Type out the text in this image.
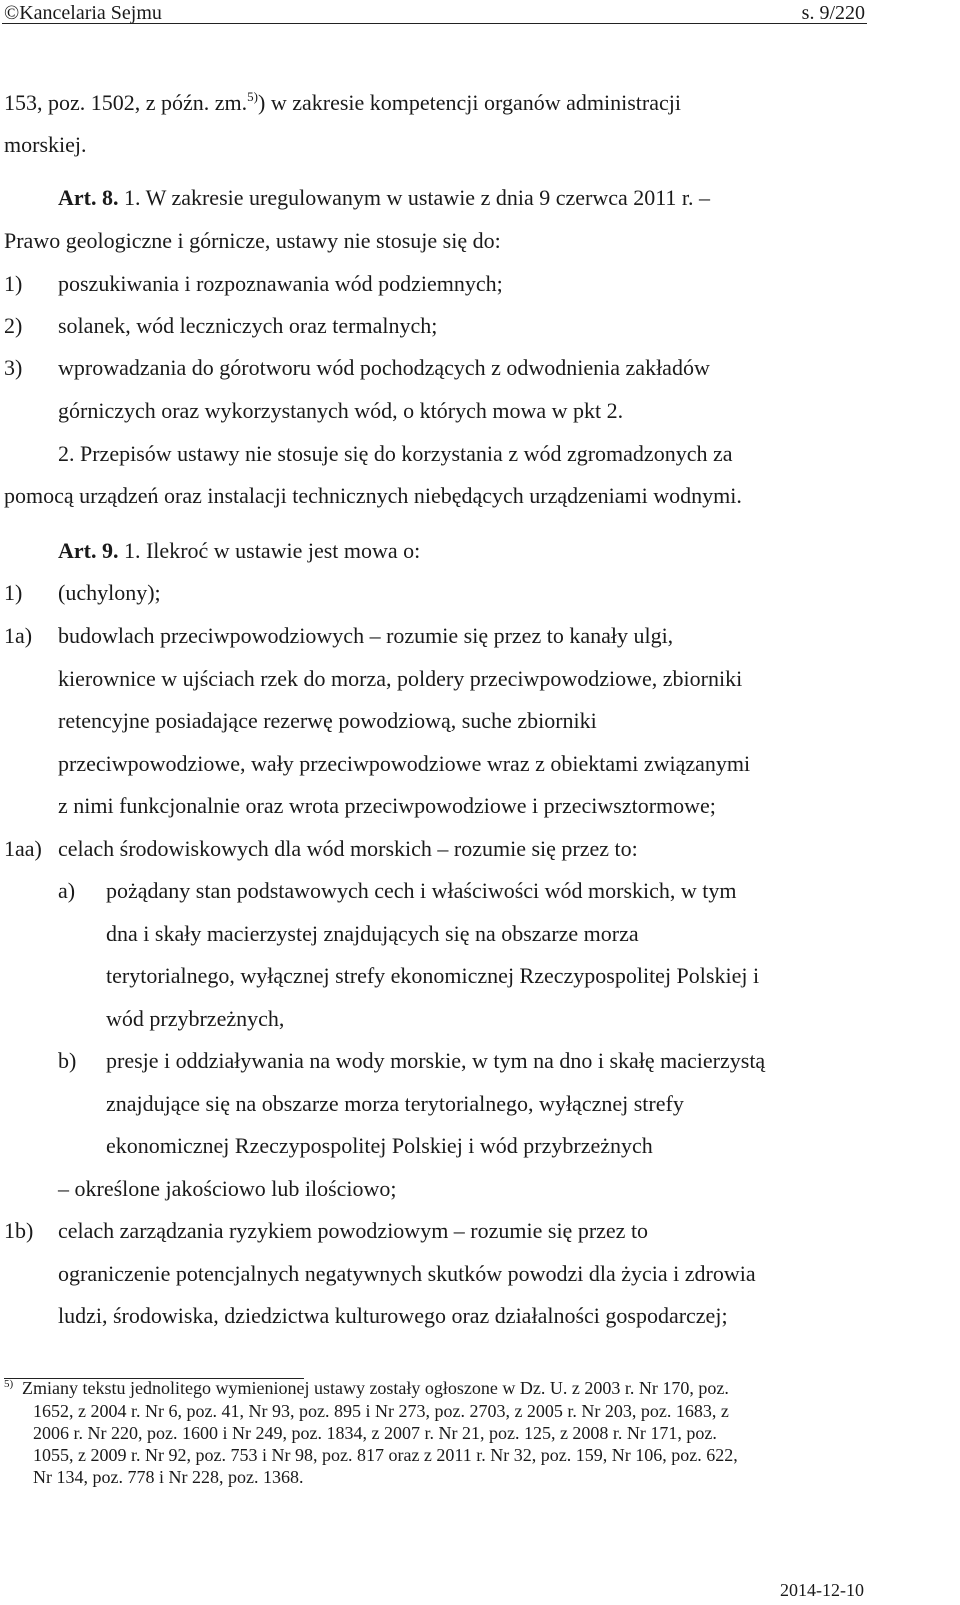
©Kancelaria Sejmu	s. 9/220
153, poz. 1502, z późn. zm.$^{5)}$) w zakresie kompetencji organów administracji
morskiej.
Art. 8. 1. W zakresie uregulowanym w ustawie z dnia 9 czerwca 2011 r. –
Prawo geologiczne i górnicze, ustawy nie stosuje się do:
1) poszukiwania i rozpoznawania wód podziemnych;
2) solanek, wód leczniczych oraz termalnych;
3) wprowadzania do górotworu wód pochodzących z odwodnienia zakładów
górniczych oraz wykorzystanych wód, o których mowa w pkt 2.
2. Przepisów ustawy nie stosuje się do korzystania z wód zgromadzonych za
pomocą urządzeń oraz instalacji technicznych niebędących urządzeniami wodnymi.
Art. 9. 1. Ilekroć w ustawie jest mowa o:
1) (uchylony);
1a) budowlach przeciwpowodziowych – rozumie się przez to kanały ulgi,
kierownice w ujściach rzek do morza, poldery przeciwpowodziowe, zbiorniki
retencyjne posiadające rezerwę powodziową, suche zbiorniki
przeciwpowodziowe, wały przeciwpowodziowe wraz z obiektami związanymi
z nimi funkcjonalnie oraz wrota przeciwpowodziowe i przeciwsztormowe;
1aa) celach środowiskowych dla wód morskich – rozumie się przez to:
a) pożądany stan podstawowych cech i właściwości wód morskich, w tym
dna i skały macierzystej znajdujących się na obszarze morza
terytorialnego, wyłącznej strefy ekonomicznej Rzeczypospolitej Polskiej i
wód przybrzeżnych,
b) presje i oddziaływania na wody morskie, w tym na dno i skałę macierzystą
znajdujące się na obszarze morza terytorialnego, wyłącznej strefy
ekonomicznej Rzeczypospolitej Polskiej i wód przybrzeżnych
– określone jakościowo lub ilościowo;
1b) celach zarządzania ryzykiem powodziowym – rozumie się przez to
ograniczenie potencjalnych negatywnych skutków powodzi dla życia i zdrowia
ludzi, środowiska, dziedzictwa kulturowego oraz działalności gospodarczej;
$^{5)}$ Zmiany tekstu jednolitego wymienionej ustawy zostały ogłoszone w Dz. U. z 2003 r. Nr 170, poz.
1652, z 2004 r. Nr 6, poz. 41, Nr 93, poz. 895 i Nr 273, poz. 2703, z 2005 r. Nr 203, poz. 1683, z
2006 r. Nr 220, poz. 1600 i Nr 249, poz. 1834, z 2007 r. Nr 21, poz. 125, z 2008 r. Nr 171, poz.
1055, z 2009 r. Nr 92, poz. 753 i Nr 98, poz. 817 oraz z 2011 r. Nr 32, poz. 159, Nr 106, poz. 622,
Nr 134, poz. 778 i Nr 228, poz. 1368.
2014-12-10
